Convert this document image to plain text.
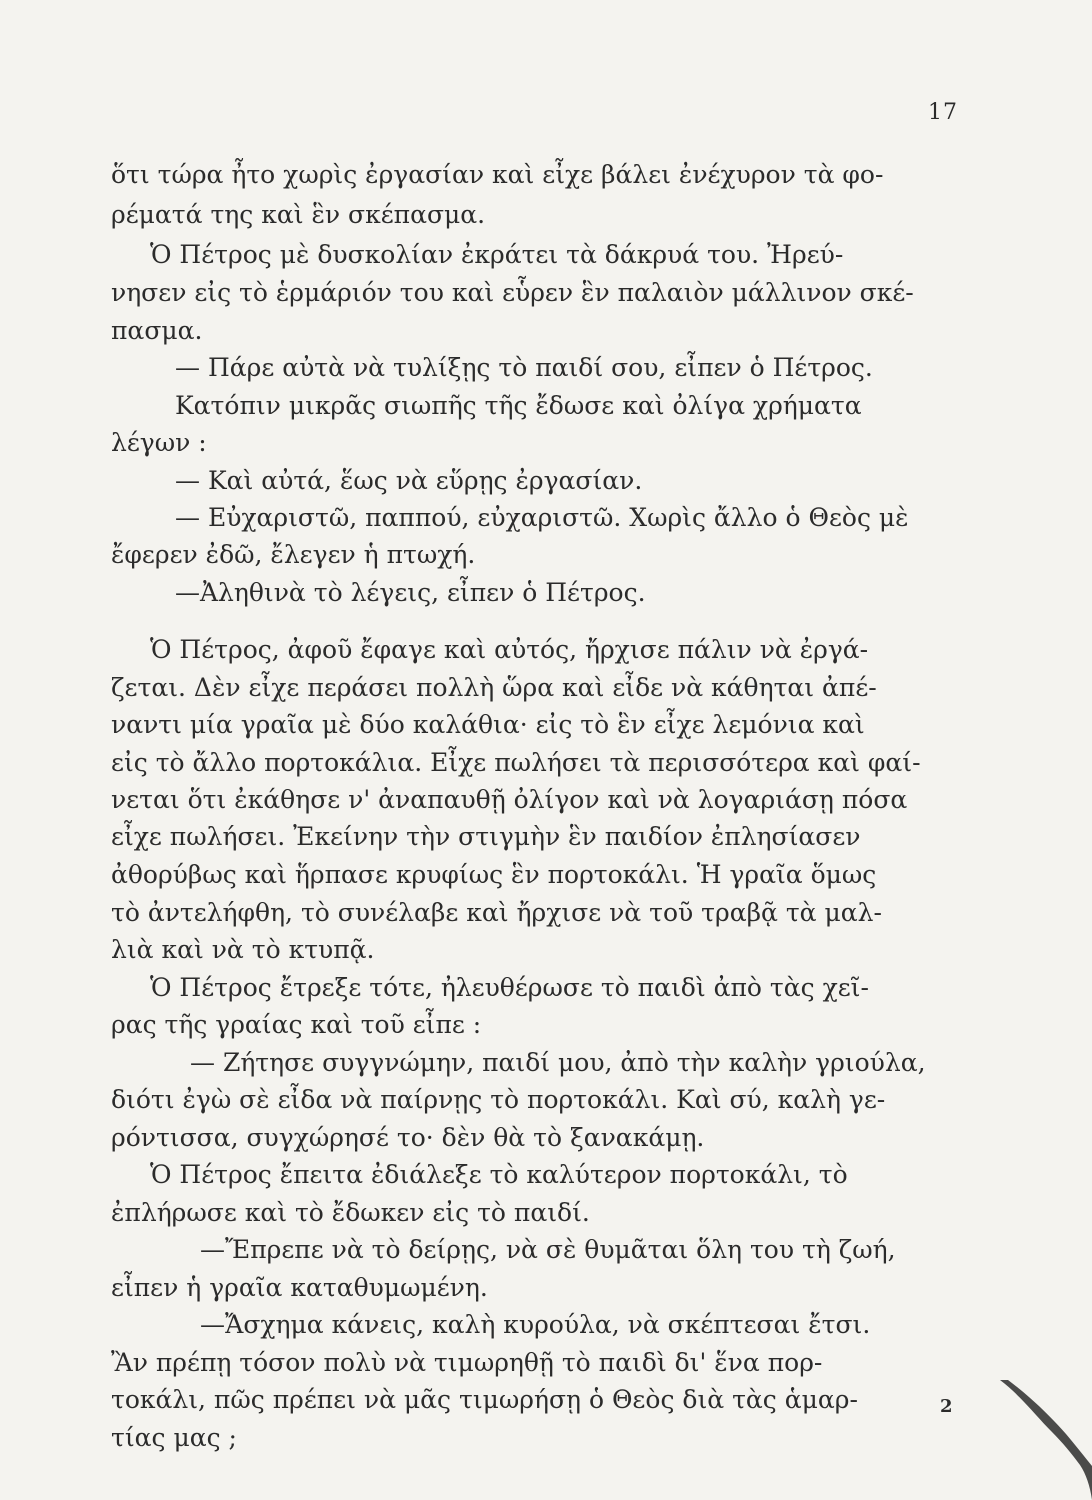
17
ὅτι τώρα ἦτο χωρὶς ἐργασίαν καὶ εἶχε βάλει ἐνέχυρον τὰ φο-
ρέματά της καὶ ἓν σκέπασμα.
Ὁ Πέτρος μὲ δυσκολίαν ἐκράτει τὰ δάκρυά του. Ἠρεύ-
νησεν εἰς τὸ ἑρμάριόν του καὶ εὗρεν ἓν παλαιὸν μάλλινον σκέ-
πασμα.
— Πάρε αὐτὰ νὰ τυλίξῃς τὸ παιδί σου, εἶπεν ὁ Πέτρος.
Κατόπιν μικρᾶς σιωπῆς τῆς ἔδωσε καὶ ὀλίγα χρήματα
λέγων :
— Καὶ αὐτά, ἕως νὰ εὕρῃς ἐργασίαν.
— Εὐχαριστῶ, παππού, εὐχαριστῶ. Χωρὶς ἄλλο ὁ Θεὸς μὲ
ἔφερεν ἐδῶ, ἔλεγεν ἡ πτωχή.
—Ἀληθινὰ τὸ λέγεις, εἶπεν ὁ Πέτρος.
Ὁ Πέτρος, ἀφοῦ ἔφαγε καὶ αὐτός, ἤρχισε πάλιν νὰ ἐργά-
ζεται. Δὲν εἶχε περάσει πολλὴ ὥρα καὶ εἶδε νὰ κάθηται ἀπέ-
ναντι μία γραῖα μὲ δύο καλάθια· εἰς τὸ ἓν εἶχε λεμόνια καὶ
εἰς τὸ ἄλλο πορτοκάλια. Εἶχε πωλήσει τὰ περισσότερα καὶ φαί-
νεται ὅτι ἐκάθησε ν' ἀναπαυθῇ ὀλίγον καὶ νὰ λογαριάσῃ πόσα
εἶχε πωλήσει. Ἐκείνην τὴν στιγμὴν ἓν παιδίον ἐπλησίασεν
ἀθορύβως καὶ ἥρπασε κρυφίως ἓν πορτοκάλι. Ἡ γραῖα ὅμως
τὸ ἀντελήφθη, τὸ συνέλαβε καὶ ἤρχισε νὰ τοῦ τραβᾷ τὰ μαλ-
λιὰ καὶ νὰ τὸ κτυπᾷ.
Ὁ Πέτρος ἔτρεξε τότε, ἠλευθέρωσε τὸ παιδὶ ἀπὸ τὰς χεῖ-
ρας τῆς γραίας καὶ τοῦ εἶπε :
— Ζήτησε συγγνώμην, παιδί μου, ἀπὸ τὴν καλὴν γριούλα,
διότι ἐγὼ σὲ εἶδα νὰ παίρνῃς τὸ πορτοκάλι. Καὶ σύ, καλὴ γε-
ρόντισσα, συγχώρησέ το· δὲν θὰ τὸ ξανακάμῃ.
Ὁ Πέτρος ἔπειτα ἐδιάλεξε τὸ καλύτερον πορτοκάλι, τὸ
ἐπλήρωσε καὶ τὸ ἔδωκεν εἰς τὸ παιδί.
—Ἔπρεπε νὰ τὸ δείρῃς, νὰ σὲ θυμᾶται ὅλη του τὴ ζωή,
εἶπεν ἡ γραῖα καταθυμωμένη.
—Ἄσχημα κάνεις, καλὴ κυρούλα, νὰ σκέπτεσαι ἔτσι.
Ἂν πρέπῃ τόσον πολὺ νὰ τιμωρηθῇ τὸ παιδὶ δι' ἕνα πορ-
τοκάλι, πῶς πρέπει νὰ μᾶς τιμωρήσῃ ὁ Θεὸς διὰ τὰς ἁμαρ-
τίας μας ;
2
